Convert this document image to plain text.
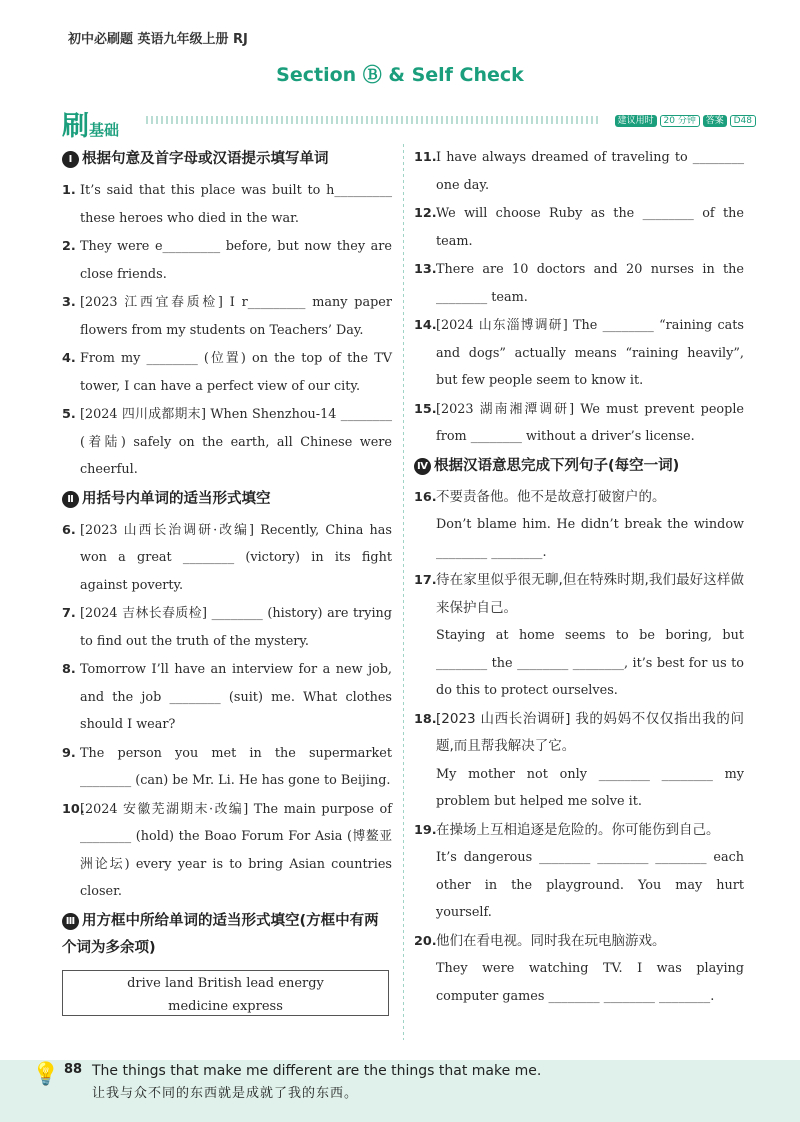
初中必刷题 英语九年级上册 RJ
Section Ⓑ & Self Check
刷基础	建议用时 20 分钟 答案 D48
Ⅰ 根据句意及首字母或汉语提示填写单词
1. It’s said that this place was built to h_________ these heroes who died in the war.
2. They were e_________ before, but now they are close friends.
3. [2023 江西宜春质检] I r_________ many paper flowers from my students on Teachers’ Day.
4. From my ________ (位置) on the top of the TV tower, I can have a perfect view of our city.
5. [2024 四川成都期末] When Shenzhou-14 ________ (着陆) safely on the earth, all Chinese were cheerful.
Ⅱ 用括号内单词的适当形式填空
6. [2023 山西长治调研·改编] Recently, China has won a great ________ (victory) in its fight against poverty.
7. [2024 吉林长春质检] ________ (history) are trying to find out the truth of the mystery.
8. Tomorrow I’ll have an interview for a new job, and the job ________ (suit) me. What clothes should I wear?
9. The person you met in the supermarket ________ (can) be Mr. Li. He has gone to Beijing.
10.
[2024 安徽芜湖期末·改编] The main purpose of ________ (hold) the Boao Forum For Asia (博鳌亚洲论坛) every year is to bring Asian countries closer.
Ⅲ 用方框中所给单词的适当形式填空(方框中有两个词为多余项)
drive land British lead energy
medicine express
11. I have always dreamed of traveling to ________ one day.
12. We will choose Ruby as the ________ of the team.
13. There are 10 doctors and 20 nurses in the ________ team.
14. [2024 山东淄博调研] The ________ “raining cats and dogs” actually means “raining heavily”, but few people seem to know it.
15. [2023 湖南湘潭调研] We must prevent people from ________ without a driver’s license.
Ⅳ 根据汉语意思完成下列句子(每空一词)
16. 不要责备他。他不是故意打破窗户的。
Don’t blame him. He didn’t break the window ________ ________.
17. 待在家里似乎很无聊,但在特殊时期,我们最好这样做来保护自己。
Staying at home seems to be boring, but ________ the ________ ________, it’s best for us to do this to protect ourselves.
18. [2023 山西长治调研] 我的妈妈不仅仅指出我的问题,而且帮我解决了它。
My mother not only ________ ________ my problem but helped me solve it.
19. 在操场上互相追逐是危险的。你可能伤到自己。
It’s dangerous ________ ________ ________ each other in the playground. You may hurt yourself.
20. 他们在看电视。同时我在玩电脑游戏。
They were watching TV. I was playing computer games ________ ________ ________.
💡 88 The things that make me different are the things that make me.
让我与众不同的东西就是成就了我的东西。
